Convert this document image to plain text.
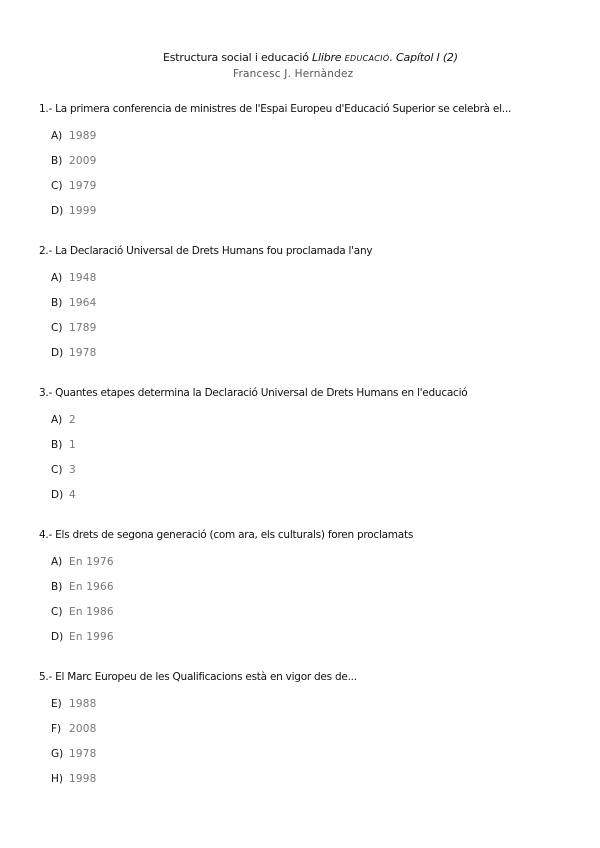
Estructura social i educació Llibre EDUCACIÓ. Capítol I (2)
Francesc J. Hernàndez
1.- La primera conferencia de ministres de l'Espai Europeu d'Educació Superior se celebrà el...
A) 1989
B) 2009
C) 1979
D) 1999
2.- La Declaració Universal de Drets Humans fou proclamada l'any
A) 1948
B) 1964
C) 1789
D) 1978
3.- Quantes etapes determina la Declaració Universal de Drets Humans en l'educació
A) 2
B) 1
C) 3
D) 4
4.- Els drets de segona generació (com ara, els culturals) foren proclamats
A) En 1976
B) En 1966
C) En 1986
D) En 1996
5.- El Marc Europeu de les Qualificacions està en vigor des de...
E) 1988
F) 2008
G) 1978
H) 1998
